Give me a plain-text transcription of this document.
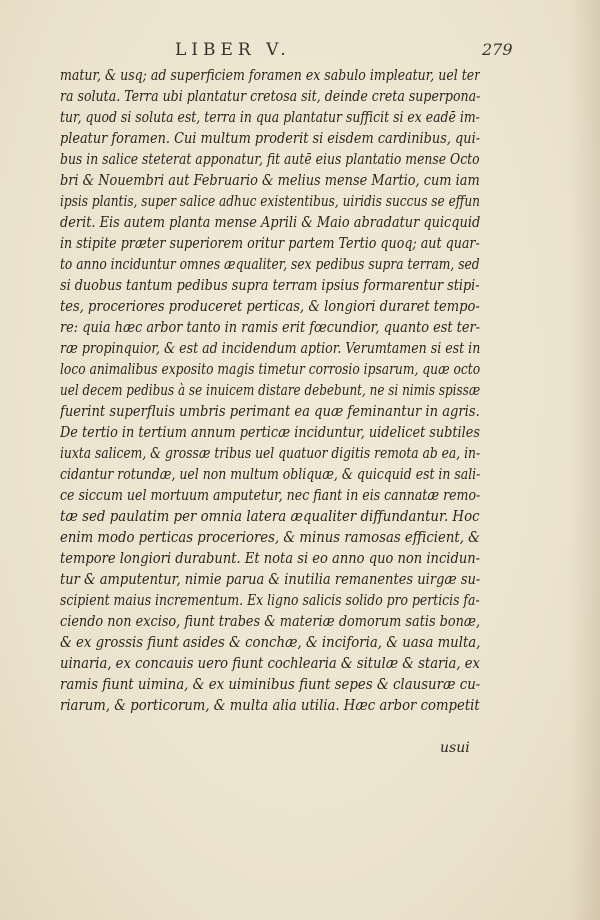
LIBER V.	279
matur, & usq; ad superficiem foramen ex sabulo impleatur, uel ter
ra soluta. Terra ubi plantatur cretosa sit, deinde creta superpona-
tur, quod si soluta est, terra in qua plantatur sufficit si ex eadē im-
pleatur foramen. Cui multum proderit si eisdem cardinibus, qui-
bus in salice steterat apponatur, fit autē eius plantatio mense Octo
bri & Nouembri aut Februario & melius mense Martio, cum iam
ipsis plantis, super salice adhuc existentibus, uiridis succus se effun
derit. Eis autem planta mense Aprili & Maio abradatur quicquid
in stipite præter superiorem oritur partem Tertio quoq; aut quar-
to anno inciduntur omnes æqualiter, sex pedibus supra terram, sed
si duobus tantum pedibus supra terram ipsius formarentur stipi-
tes, proceriores produceret perticas, & longiori duraret tempo-
re: quia hæc arbor tanto in ramis erit fœcundior, quanto est ter-
ræ propinquior, & est ad incidendum aptior. Verumtamen si est in
loco animalibus exposito magis timetur corrosio ipsarum, quæ octo
uel decem pedibus à se inuicem distare debebunt, ne si nimis spissæ
fuerint superfluis umbris perimant ea quæ feminantur in agris.
De tertio in tertium annum perticæ inciduntur, uidelicet subtiles
iuxta salicem, & grossæ tribus uel quatuor digitis remota ab ea, in-
cidantur rotundæ, uel non multum obliquæ, & quicquid est in sali-
ce siccum uel mortuum amputetur, nec fiant in eis cannatæ remo-
tæ sed paulatim per omnia latera æqualiter diffundantur. Hoc
enim modo perticas proceriores, & minus ramosas efficient, &
tempore longiori durabunt. Et nota si eo anno quo non incidun-
tur & amputentur, nimie parua & inutilia remanentes uirgæ su-
scipient maius incrementum. Ex ligno salicis solido pro perticis fa-
ciendo non exciso, fiunt trabes & materiæ domorum satis bonæ,
& ex grossis fiunt asides & conchæ, & inciforia, & uasa multa,
uinaria, ex concauis uero fiunt cochlearia & situlæ & staria, ex
ramis fiunt uimina, & ex uiminibus fiunt sepes & clausuræ cu-
riarum, & porticorum, & multa alia utilia. Hæc arbor competit
usui
